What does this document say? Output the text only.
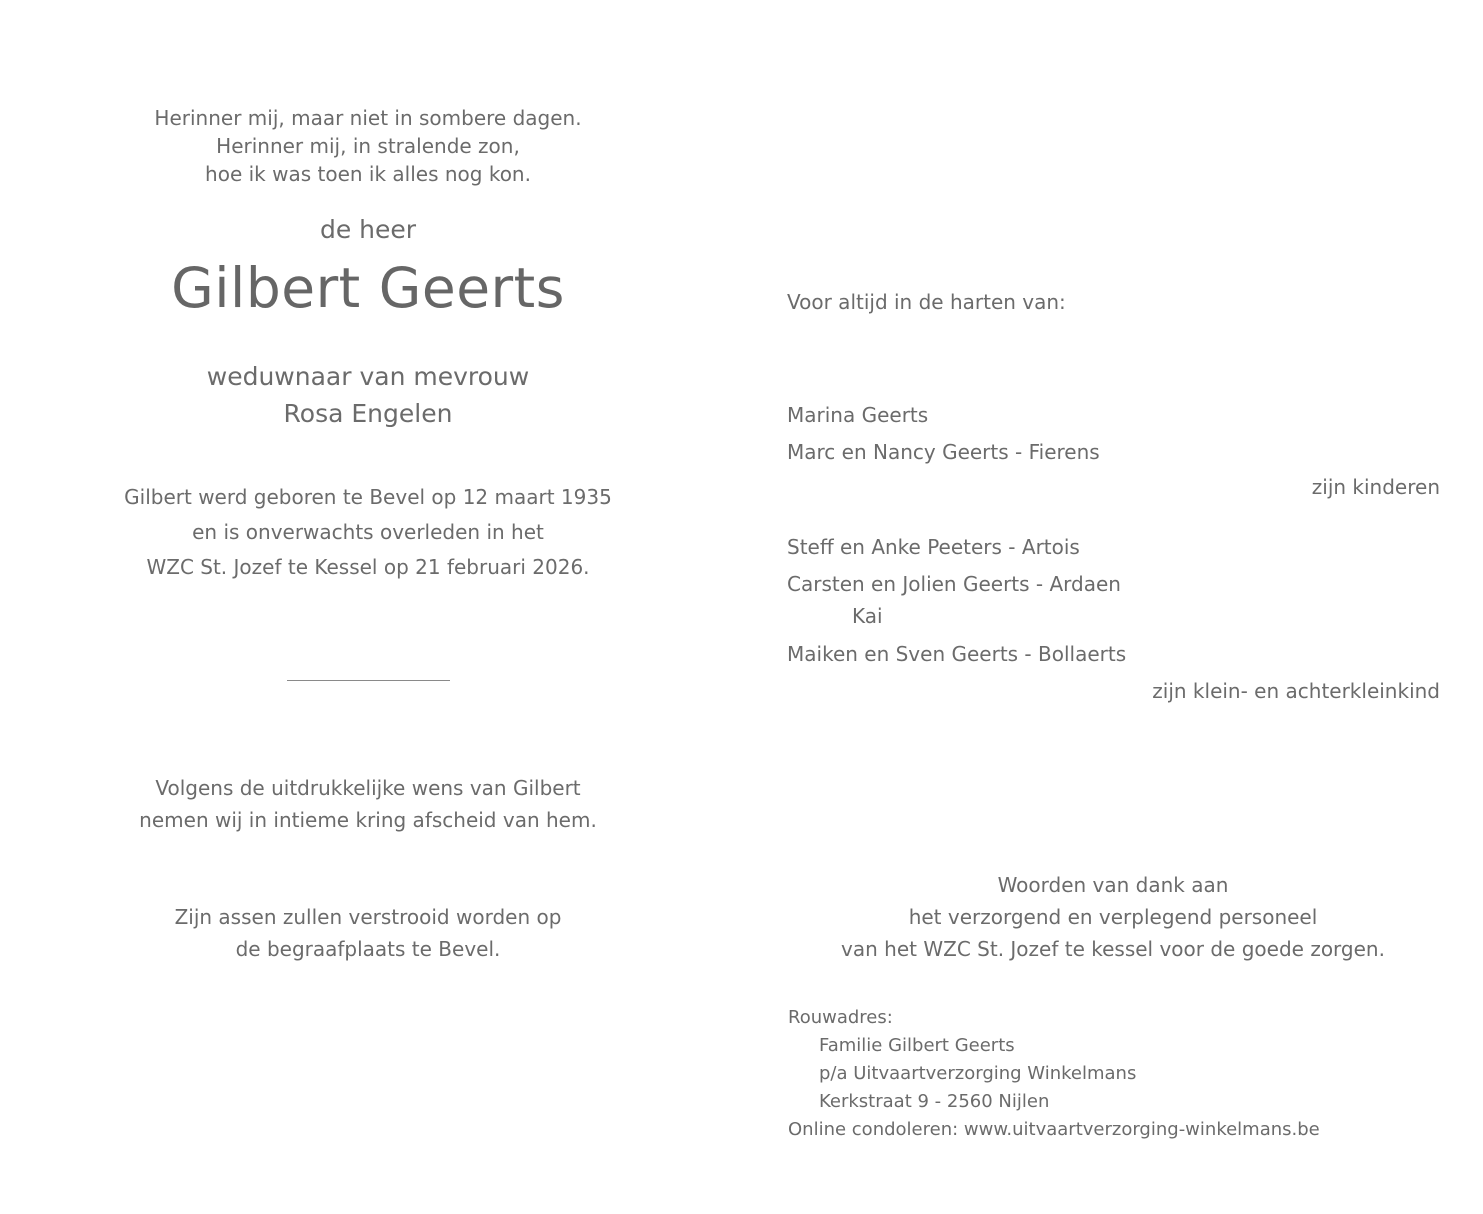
Herinner mij, maar niet in sombere dagen.
Herinner mij, in stralende zon,
hoe ik was toen ik alles nog kon.
de heer
Gilbert Geerts
weduwnaar van mevrouw
Rosa Engelen
Gilbert werd geboren te Bevel op 12 maart 1935
en is onverwachts overleden in het
WZC St. Jozef te Kessel op 21 februari 2026.
Volgens de uitdrukkelijke wens van Gilbert
nemen wij in intieme kring afscheid van hem.
Zijn assen zullen verstrooid worden op
de begraafplaats te Bevel.
Voor altijd in de harten van:
Marina Geerts
Marc en Nancy Geerts - Fierens
zijn kinderen
Steff en Anke Peeters - Artois
Carsten en Jolien Geerts - Ardaen
Kai
Maiken en Sven Geerts - Bollaerts
zijn klein- en achterkleinkind
Woorden van dank aan
het verzorgend en verplegend personeel
van het WZC St. Jozef te kessel voor de goede zorgen.
Rouwadres:
Familie Gilbert Geerts
p/a Uitvaartverzorging Winkelmans
Kerkstraat 9 - 2560 Nijlen
Online condoleren: www.uitvaartverzorging-winkelmans.be
